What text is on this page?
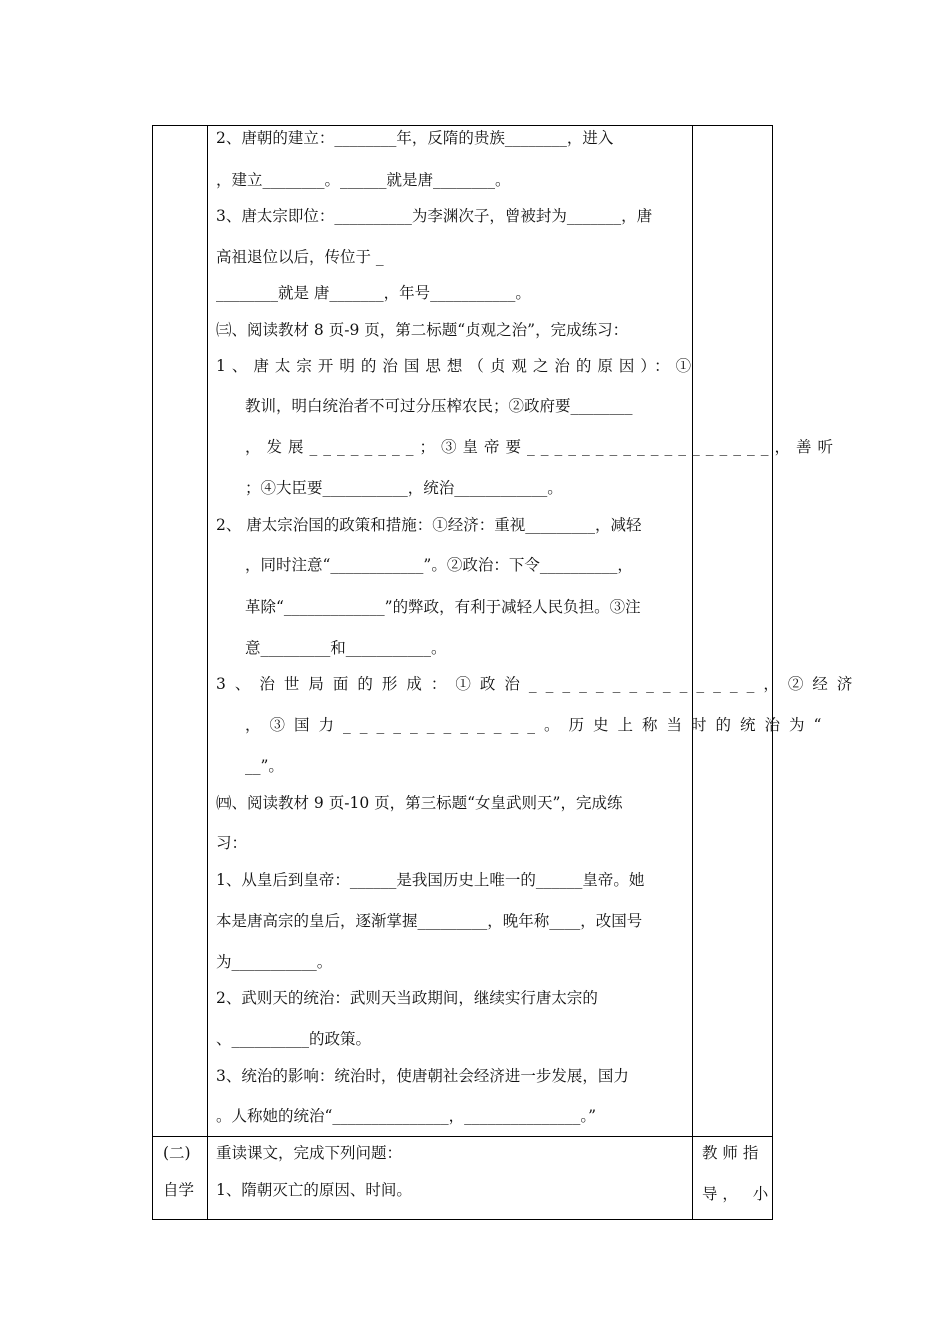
2、唐朝的建立：________年，反隋的贵族________，进入
，建立________。______就是唐________。
3、唐太宗即位：__________为李渊次子，曾被封为_______，唐
高祖退位以后，传位于 _
________就是 唐_______，年号___________。
㈢、阅读教材 8 页-9 页，第二标题“贞观之治”，完成练习：
1、唐太宗开明的治国思想（贞观之治的原因）：①
教训，明白统治者不可过分压榨农民；②政府要________
，发展________；③皇帝要__________________，善听
；④大臣要___________，统治____________。
2、 唐太宗治国的政策和措施：①经济：重视_________，减轻
，同时注意“____________”。②政治：下令__________，
革除“_____________”的弊政，有利于减轻人民负担。③注
意_________和___________。
3、治世局面的形成：①政治______________，②经济
，③国力____________。历史上称当时的统治为“
__”。
㈣、阅读教材 9 页-10 页，第三标题“女皇武则天”，完成练
习：
1、从皇后到皇帝：______是我国历史上唯一的______皇帝。她
本是唐高宗的皇后，逐渐掌握_________，晚年称____，改国号
为___________。
2、武则天的统治：武则天当政期间，继续实行唐太宗的
、__________的政策。
3、统治的影响：统治时，使唐朝社会经济进一步发展，国力
。人称她的统治“_______________，_______________。”
重读课文，完成下列问题：
1、隋朝灭亡的原因、时间。
(二)
自学
教 师 指
导 ，   小
